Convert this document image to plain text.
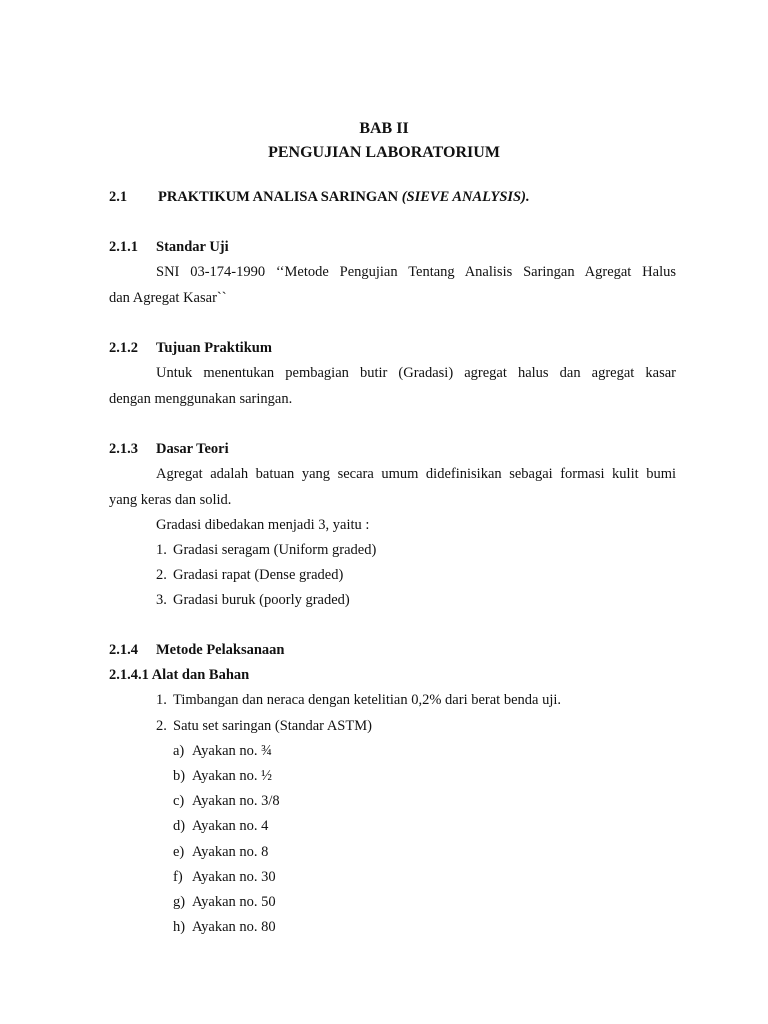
BAB II
PENGUJIAN LABORATORIUM
2.1 PRAKTIKUM ANALISA SARINGAN (SIEVE ANALYSIS).
2.1.1 Standar Uji
SNI 03-174-1990 ‘‘Metode Pengujian Tentang Analisis Saringan Agregat Halus
dan Agregat Kasar``
2.1.2 Tujuan Praktikum
Untuk menentukan pembagian butir (Gradasi) agregat halus dan agregat kasar
dengan menggunakan saringan.
2.1.3 Dasar Teori
Agregat adalah batuan yang secara umum didefinisikan sebagai formasi kulit bumi
yang keras dan solid.
Gradasi dibedakan menjadi 3, yaitu :
1. Gradasi seragam (Uniform graded)
2. Gradasi rapat (Dense graded)
3. Gradasi buruk (poorly graded)
2.1.4 Metode Pelaksanaan
2.1.4.1 Alat dan Bahan
1. Timbangan dan neraca dengan ketelitian 0,2% dari berat benda uji.
2. Satu set saringan (Standar ASTM)
a) Ayakan no. ¾
b) Ayakan no. ½
c) Ayakan no. 3/8
d) Ayakan no. 4
e) Ayakan no. 8
f) Ayakan no. 30
g) Ayakan no. 50
h) Ayakan no. 80
